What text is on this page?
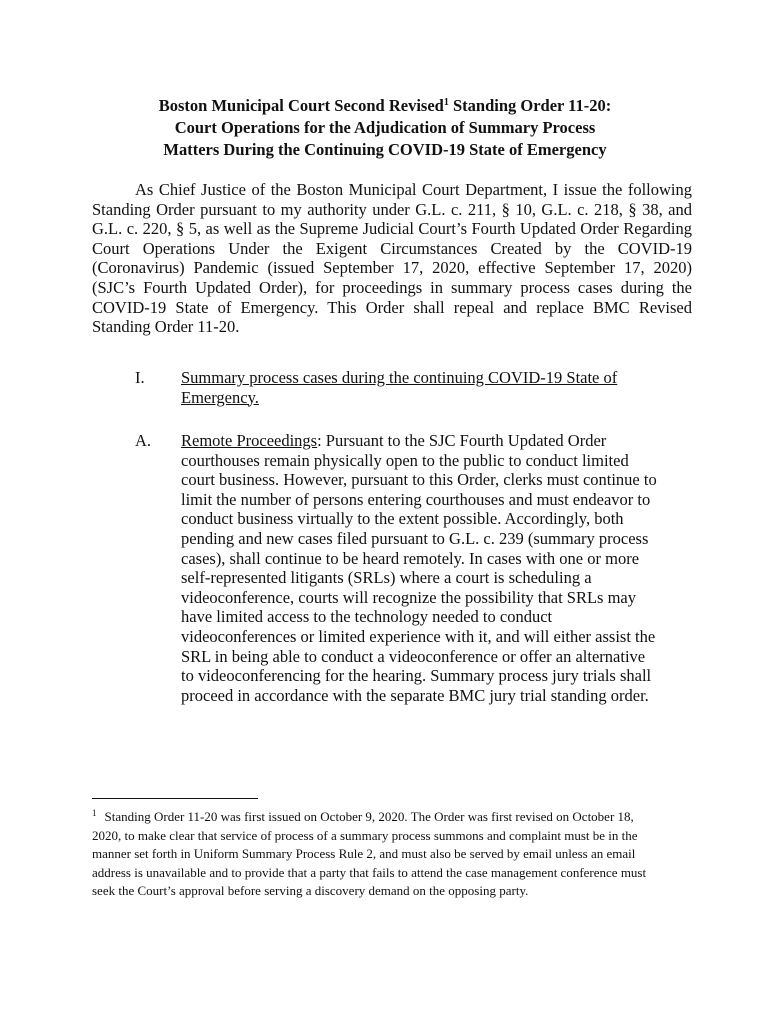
Boston Municipal Court Second Revised$^1$ Standing Order 11-20:
Court Operations for the Adjudication of Summary Process
Matters During the Continuing COVID-19 State of Emergency
As Chief Justice of the Boston Municipal Court Department, I issue the following Standing Order pursuant to my authority under G.L. c. 211, § 10, G.L. c. 218, § 38, and G.L. c. 220, § 5, as well as the Supreme Judicial Court’s Fourth Updated Order Regarding Court Operations Under the Exigent Circumstances Created by the COVID-19 (Coronavirus) Pandemic (issued September 17, 2020, effective September 17, 2020) (SJC’s Fourth Updated Order), for proceedings in summary process cases during the COVID-19 State of Emergency. This Order shall repeal and replace BMC Revised Standing Order 11-20.
I. Summary process cases during the continuing COVID-19 State of Emergency.
A. Remote Proceedings: Pursuant to the SJC Fourth Updated Order courthouses remain physically open to the public to conduct limited court business. However, pursuant to this Order, clerks must continue to limit the number of persons entering courthouses and must endeavor to conduct business virtually to the extent possible. Accordingly, both pending and new cases filed pursuant to G.L. c. 239 (summary process cases), shall continue to be heard remotely. In cases with one or more self-represented litigants (SRLs) where a court is scheduling a videoconference, courts will recognize the possibility that SRLs may have limited access to the technology needed to conduct videoconferences or limited experience with it, and will either assist the SRL in being able to conduct a videoconference or offer an alternative to videoconferencing for the hearing. Summary process jury trials shall proceed in accordance with the separate BMC jury trial standing order.
$^1$ Standing Order 11-20 was first issued on October 9, 2020. The Order was first revised on October 18, 2020, to make clear that service of process of a summary process summons and complaint must be in the manner set forth in Uniform Summary Process Rule 2, and must also be served by email unless an email address is unavailable and to provide that a party that fails to attend the case management conference must seek the Court’s approval before serving a discovery demand on the opposing party.
